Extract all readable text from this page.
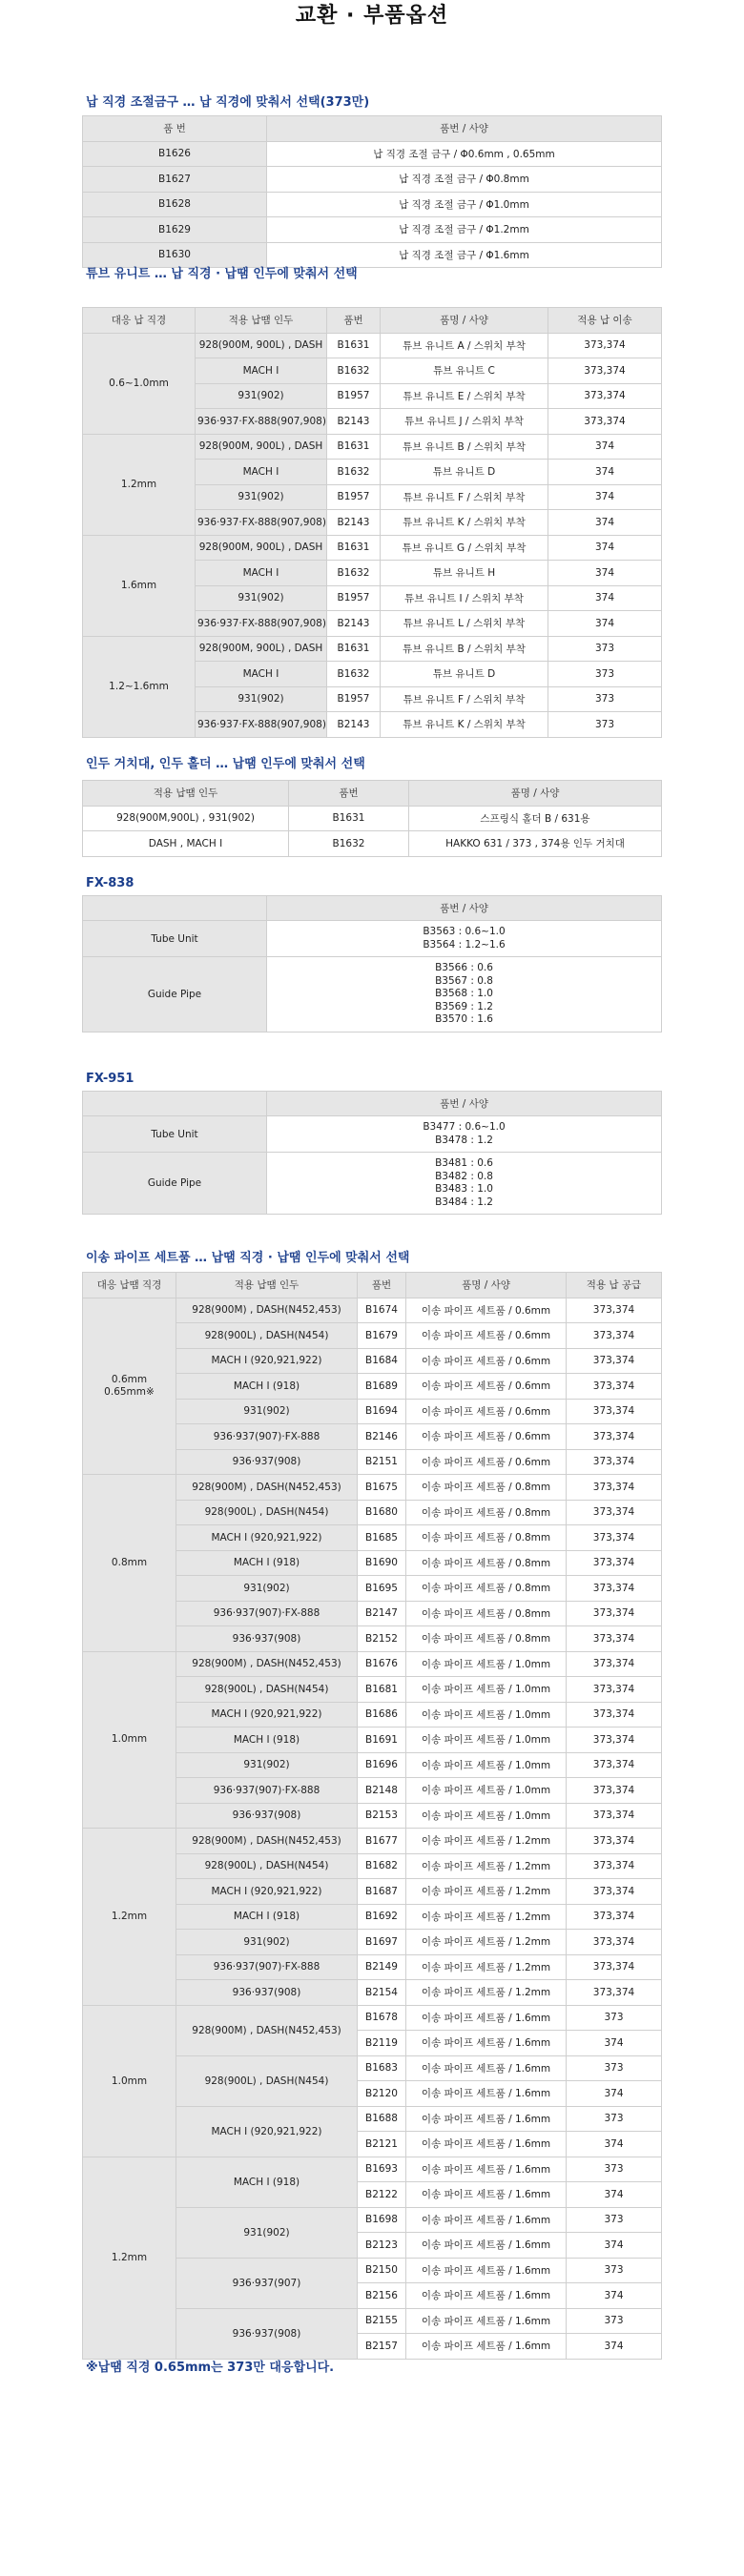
교환 · 부품옵션
납 직경 조절금구 … 납 직경에 맞춰서 선택(373만)
품 번	품번 / 사양
B1626	납 직경 조절 금구 / Φ0.6mm , 0.65mm
B1627	납 직경 조절 금구 / Φ0.8mm
B1628	납 직경 조절 금구 / Φ1.0mm
B1629	납 직경 조절 금구 / Φ1.2mm
B1630	납 직경 조절 금구 / Φ1.6mm
튜브 유니트 … 납 직경 · 납땜 인두에 맞춰서 선택
대응 납 직경	적용 납땜 인두	품번	품명 / 사양	적용 납 이송
0.6~1.0mm	928(900M, 900L) , DASH	B1631	튜브 유니트 A / 스위치 부착	373,374
	MACH I	B1632	튜브 유니트 C	373,374
	931(902)	B1957	튜브 유니트 E / 스위치 부착	373,374
	936·937·FX-888(907,908)	B2143	튜브 유니트 J / 스위치 부착	373,374
1.2mm	928(900M, 900L) , DASH	B1631	튜브 유니트 B / 스위치 부착	374
	MACH I	B1632	튜브 유니트 D	374
	931(902)	B1957	튜브 유니트 F / 스위치 부착	374
	936·937·FX-888(907,908)	B2143	튜브 유니트 K / 스위치 부착	374
1.6mm	928(900M, 900L) , DASH	B1631	튜브 유니트 G / 스위치 부착	374
	MACH I	B1632	튜브 유니트 H	374
	931(902)	B1957	튜브 유니트 I / 스위치 부착	374
	936·937·FX-888(907,908)	B2143	튜브 유니트 L / 스위치 부착	374
1.2~1.6mm	928(900M, 900L) , DASH	B1631	튜브 유니트 B / 스위치 부착	373
	MACH I	B1632	튜브 유니트 D	373
	931(902)	B1957	튜브 유니트 F / 스위치 부착	373
	936·937·FX-888(907,908)	B2143	튜브 유니트 K / 스위치 부착	373
인두 거치대, 인두 홀더 … 납땜 인두에 맞춰서 선택
적용 납땜 인두	품번	품명 / 사양
928(900M,900L) , 931(902)	B1631	스프링식 홀더 B / 631용
DASH , MACH I	B1632	HAKKO 631 / 373 , 374용 인두 거치대
FX-838
	품번 / 사양
Tube Unit	B3563 : 0.6~1.0
B3564 : 1.2~1.6

Guide Pipe	B3566 : 0.6
B3567 : 0.8
B3568 : 1.0
B3569 : 1.2
B3570 : 1.6
FX-951
	품번 / 사양
Tube Unit	B3477 : 0.6~1.0
B3478 : 1.2

Guide Pipe	B3481 : 0.6
B3482 : 0.8
B3483 : 1.0
B3484 : 1.2
이송 파이프 세트품 … 납땜 직경 · 납땜 인두에 맞춰서 선택
대응 납땜 직경	적용 납땜 인두	품번	품명 / 사양	적용 납 공급

0.6mm
0.65mm※	928(900M) , DASH(N452,453)	B1674	이송 파이프 세트품 / 0.6mm	373,374
	928(900L) , DASH(N454)	B1679	이송 파이프 세트품 / 0.6mm	373,374
	MACH I (920,921,922)	B1684	이송 파이프 세트품 / 0.6mm	373,374
	MACH I (918)	B1689	이송 파이프 세트품 / 0.6mm	373,374
	931(902)	B1694	이송 파이프 세트품 / 0.6mm	373,374
	936·937(907)·FX-888	B2146	이송 파이프 세트품 / 0.6mm	373,374
	936·937(908)	B2151	이송 파이프 세트품 / 0.6mm	373,374

0.8mm	928(900M) , DASH(N452,453)	B1675	이송 파이프 세트품 / 0.8mm	373,374
	928(900L) , DASH(N454)	B1680	이송 파이프 세트품 / 0.8mm	373,374
	MACH I (920,921,922)	B1685	이송 파이프 세트품 / 0.8mm	373,374
	MACH I (918)	B1690	이송 파이프 세트품 / 0.8mm	373,374
	931(902)	B1695	이송 파이프 세트품 / 0.8mm	373,374
	936·937(907)·FX-888	B2147	이송 파이프 세트품 / 0.8mm	373,374
	936·937(908)	B2152	이송 파이프 세트품 / 0.8mm	373,374

1.0mm	928(900M) , DASH(N452,453)	B1676	이송 파이프 세트품 / 1.0mm	373,374
	928(900L) , DASH(N454)	B1681	이송 파이프 세트품 / 1.0mm	373,374
	MACH I (920,921,922)	B1686	이송 파이프 세트품 / 1.0mm	373,374
	MACH I (918)	B1691	이송 파이프 세트품 / 1.0mm	373,374
	931(902)	B1696	이송 파이프 세트품 / 1.0mm	373,374
	936·937(907)·FX-888	B2148	이송 파이프 세트품 / 1.0mm	373,374
	936·937(908)	B2153	이송 파이프 세트품 / 1.0mm	373,374

1.2mm	928(900M) , DASH(N452,453)	B1677	이송 파이프 세트품 / 1.2mm	373,374
	928(900L) , DASH(N454)	B1682	이송 파이프 세트품 / 1.2mm	373,374
	MACH I (920,921,922)	B1687	이송 파이프 세트품 / 1.2mm	373,374
	MACH I (918)	B1692	이송 파이프 세트품 / 1.2mm	373,374
	931(902)	B1697	이송 파이프 세트품 / 1.2mm	373,374
	936·937(907)·FX-888	B2149	이송 파이프 세트품 / 1.2mm	373,374
	936·937(908)	B2154	이송 파이프 세트품 / 1.2mm	373,374
1.0mm	928(900M) , DASH(N452,453)	B1678	이송 파이프 세트품 / 1.6mm	373
		B2119	이송 파이프 세트품 / 1.6mm	374
	928(900L) , DASH(N454)	B1683	이송 파이프 세트품 / 1.6mm	373
		B2120	이송 파이프 세트품 / 1.6mm	374
	MACH I (920,921,922)	B1688	이송 파이프 세트품 / 1.6mm	373
		B2121	이송 파이프 세트품 / 1.6mm	374
1.2mm	MACH I (918)	B1693	이송 파이프 세트품 / 1.6mm	373
		B2122	이송 파이프 세트품 / 1.6mm	374
	931(902)	B1698	이송 파이프 세트품 / 1.6mm	373
		B2123	이송 파이프 세트품 / 1.6mm	374
	936·937(907)	B2150	이송 파이프 세트품 / 1.6mm	373
		B2156	이송 파이프 세트품 / 1.6mm	374
	936·937(908)	B2155	이송 파이프 세트품 / 1.6mm	373
		B2157	이송 파이프 세트품 / 1.6mm	374
※납땜 직경 0.65mm는 373만 대응합니다.
